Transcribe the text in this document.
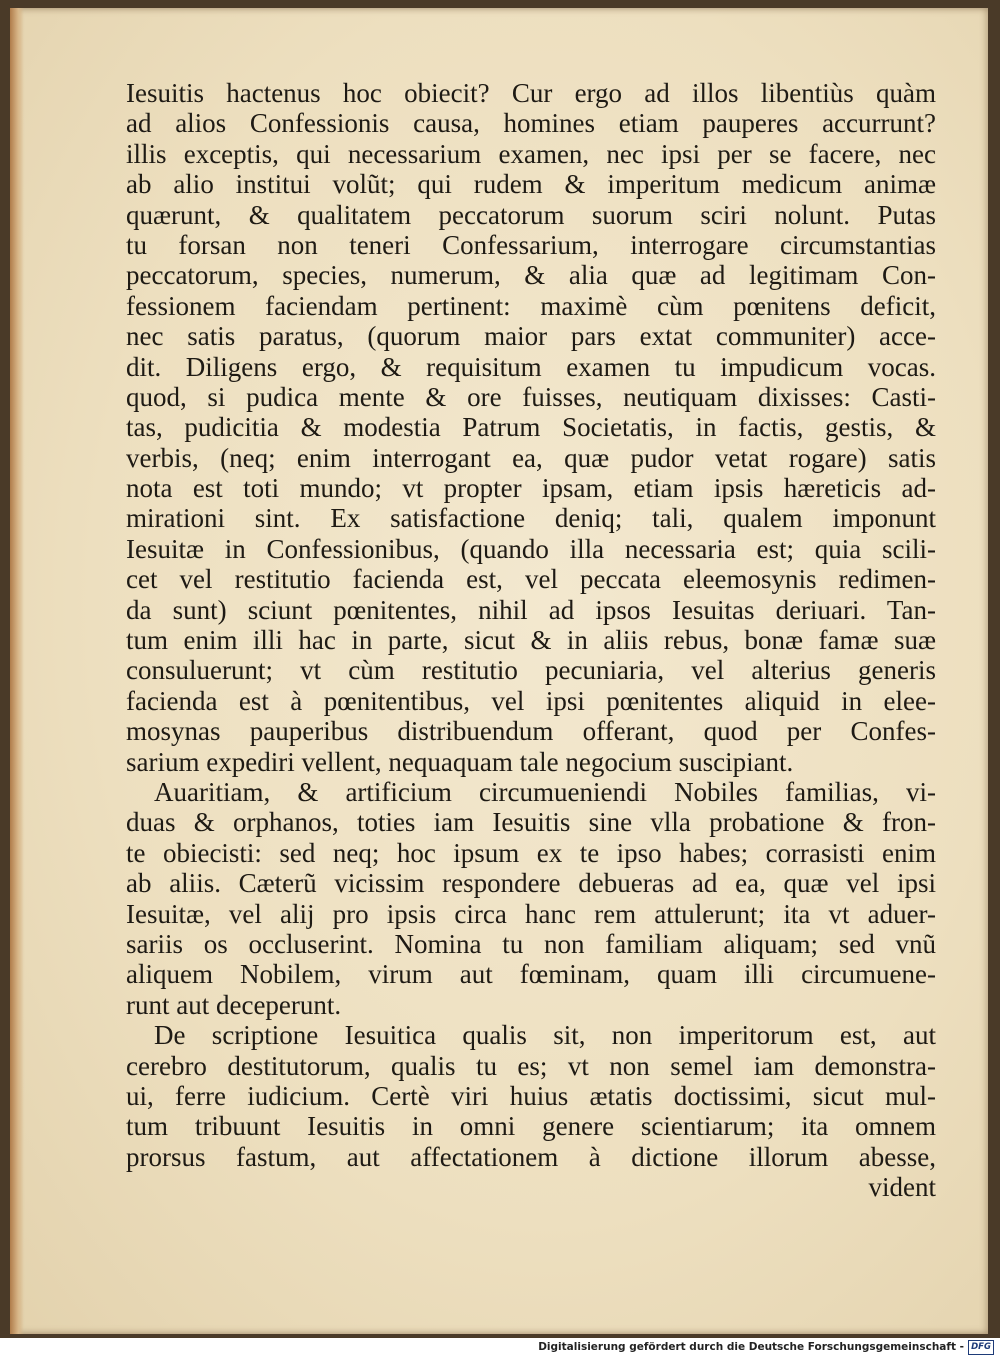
Iesuitis hactenus hoc obiecit? Cur ergo ad illos libentiùs quàm
ad alios Confessionis causa, homines etiam pauperes accurrunt?
illis exceptis, qui necessarium examen, nec ipsi per se facere, nec
ab alio institui volũt; qui rudem & imperitum medicum animæ
quærunt, & qualitatem peccatorum suorum sciri nolunt. Putas
tu forsan non teneri Confessarium, interrogare circumstantias
peccatorum, species, numerum, & alia quæ ad legitimam Con-
fessionem faciendam pertinent: maximè cùm pœnitens deficit,
nec satis paratus, (quorum maior pars extat communiter) acce-
dit. Diligens ergo, & requisitum examen tu impudicum vocas.
quod, si pudica mente & ore fuisses, neutiquam dixisses: Casti-
tas, pudicitia & modestia Patrum Societatis, in factis, gestis, &
verbis, (neq; enim interrogant ea, quæ pudor vetat rogare) satis
nota est toti mundo; vt propter ipsam, etiam ipsis hæreticis ad-
mirationi sint. Ex satisfactione deniq; tali, qualem imponunt
Iesuitæ in Confessionibus, (quando illa necessaria est; quia scili-
cet vel restitutio facienda est, vel peccata eleemosynis redimen-
da sunt) sciunt pœnitentes, nihil ad ipsos Iesuitas deriuari. Tan-
tum enim illi hac in parte, sicut & in aliis rebus, bonæ famæ suæ
consuluerunt; vt cùm restitutio pecuniaria, vel alterius generis
facienda est à pœnitentibus, vel ipsi pœnitentes aliquid in elee-
mosynas pauperibus distribuendum offerant, quod per Confes-
sarium expediri vellent, nequaquam tale negocium suscipiant.
Auaritiam, & artificium circumueniendi Nobiles familias, vi-
duas & orphanos, toties iam Iesuitis sine vlla probatione & fron-
te obiecisti: sed neq; hoc ipsum ex te ipso habes; corrasisti enim
ab aliis. Cæterũ vicissim respondere debueras ad ea, quæ vel ipsi
Iesuitæ, vel alij pro ipsis circa hanc rem attulerunt; ita vt aduer-
sariis os occluserint. Nomina tu non familiam aliquam; sed vnũ
aliquem Nobilem, virum aut fœminam, quam illi circumuene-
runt aut deceperunt.
De scriptione Iesuitica qualis sit, non imperitorum est, aut
cerebro destitutorum, qualis tu es; vt non semel iam demonstra-
ui, ferre iudicium. Certè viri huius ætatis doctissimi, sicut mul-
tum tribuunt Iesuitis in omni genere scientiarum; ita omnem
prorsus fastum, aut affectationem à dictione illorum abesse,
vident
Digitalisierung gefördert durch die Deutsche Forschungsgemeinschaft - DFG
